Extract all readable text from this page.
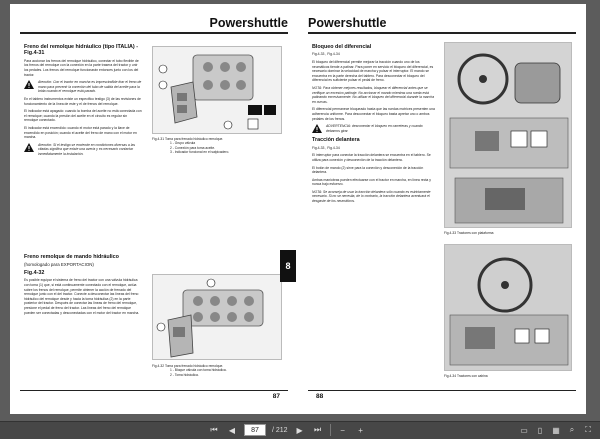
Powershuttle
Freno del remolque hidráulico (tipo ITALIA) - Fig.4-31
Para accionar los frenos del remolque hidráulico, conectar el tubo flexible de los frenos del remolque con la conexión en la parte trasera del tractor y unir los pedales. Los frenos del remolque funcionarán entonces junto con los del tractor.
Atención: Con el tractor en marcha es imprescindible tirar el freno de mano para prevenir la conexión del tubo de salida del aceite para la brida cuando el remolque está parado.
En el tablero instrumentos existe un especifico testigo (3) de las revisiones de funcionamiento de la línea de este y el de frenos del remolque.
El indicador está apagado: cuando la bomba del aceite no está conectada con el remolque; cuando la presión del aceite en el circuito es regular sin remolque conectado.
El indicador está encendido: cuando el motor está parado y la llave de encendido en posición; cuando el aceite del freno de mano con el motor en marcha.
Atención: Si el testigo se enciende en condiciones diversas a las citadas significa que existe una avería y es necesario contactar inmediatamente la instalación.
Freno remolque de mando hidráulico
(homologado para EXPORTACION)
Fig.4-32
Es posible equipar el sistema de freno del tractor con una válvula hidráulica con toma (1) que, si está continuamente conectado con el remolque, actúa sobre los frenos del remolque, permite obtener la acción de frenado del remolque junto con el del tractor. Conecte a desconectar las líneas del freno hidráulico del remolque desde y hacia la toma hidráulica (2) en la parte posterior del tractor. Después de conectar las líneas de freno del remolque, presione el pedal de freno del tractor. Las líneas del freno del remolque pueden ser conectadas y desconectadas con el motor del tractor en marcha.
Fig.4-31 Toma para frenado hidráulico remolque.
1 - Grupo válvula
2 - Conexión para toma aceite.
3 - Indicador funcional en el salpicadero.
Fig.4-32 Toma para frenado hidráulico remolque.
1 - Bloque válvula con toma hidráulica.
2 - Toma hidráulica.
87
Powershuttle
Bloqueo del diferencial
Fig.4-33 , Fig.4-34
El bloqueo del diferencial permite mejorar la tracción cuando uno de los neumáticos tiende a patinar. Para poner en servicio el bloqueo del diferencial, es necesario dominar la velocidad de marcha y pulsar el interruptor. El mando se encuentra en la parte derecha del tablero. Para desconectar el bloqueo del diferencial es suficiente pulsar el pedal de freno.
NOTA: Para obtener mejores resultados, bloquear el diferencial antes que se verifique un excesivo patinaje. No accionar el mando mientras una rueda está patinando excesivamente. No utilizar el bloqueo del diferencial durante la marcha en curvas.
El diferencial permanece bloqueado hasta que las ruedas motrices presenten una adherencia uniforme. Para desconectar el bloqueo basta apretar uno o ambos pedales de los frenos.
ADVERTENCIA: desconectar el bloqueo en carreteras y cuando debamos girar.
Tracción delantera
Fig.4-33 , Fig.4-34
El interruptor para conectar la tracción delantera se encuentra en el tablero. Se utiliza para conexión y desconexión de la tracción delantera.
El botón de mando (2) sirve para la conexión y desconexión de la tracción delantera.
Ambas maniobras pueden efectuarse con el tractor en marcha, en línea recta y nunca bajo esfuerzo.
NOTA: Se aconseja de usar la tracción delantera sólo cuando es estrictamente necesario. Si no se necesita, de lo contrario, la tracción delantera acentuará el desgaste de los neumáticos.
Fig.4-33 Tractores con plataforma
Fig.4-34 Tractores con cabina
88
8
⏮	◀	87	/ 212	▶	⏭	−	+	▭	▯	▦	⌕	⛶
